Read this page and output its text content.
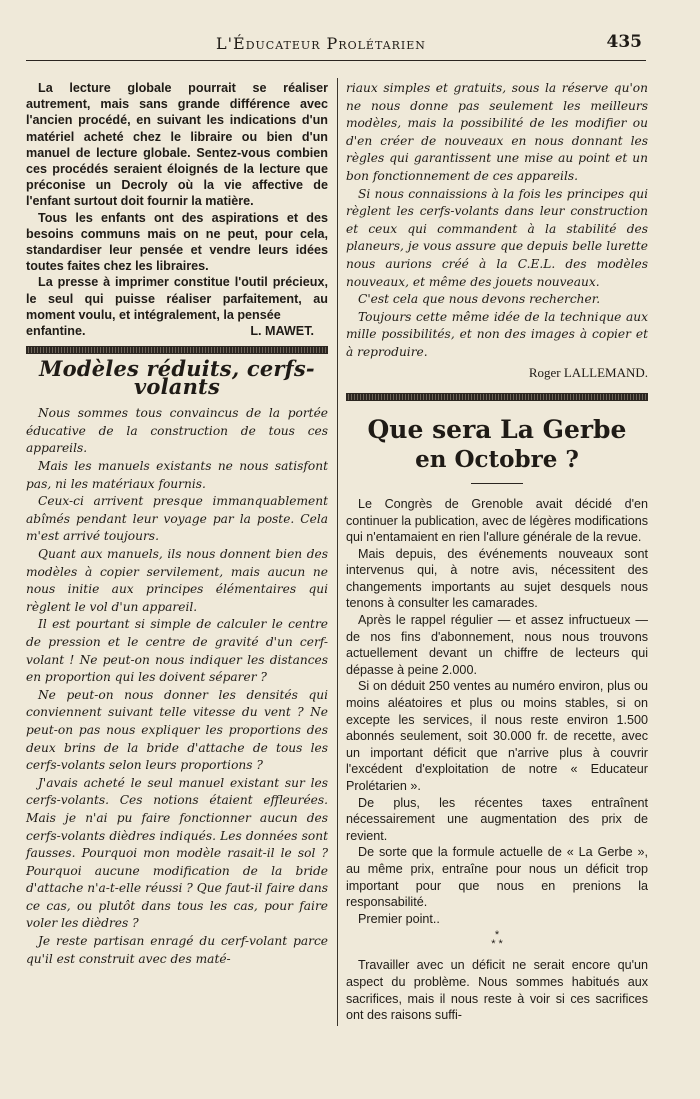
L'Éducateur Prolétarien	435

La lecture globale pourrait se réaliser autrement, mais sans grande différence avec l'ancien procédé, en suivant les indications d'un matériel acheté chez le libraire ou bien d'un manuel de lecture globale. Sentez-vous combien ces procédés seraient éloignés de la lecture que préconise un Decroly où la vie affective de l'enfant surtout doit fournir la matière.

Tous les enfants ont des aspirations et des besoins communs mais on ne peut, pour cela, standardiser leur pensée et vendre leurs idées toutes faites chez les libraires.

La presse à imprimer constitue l'outil précieux, le seul qui puisse réaliser parfaitement, au moment voulu, et intégralement, la pensée

enfantine.	L. MAWET.
Modèles réduits, cerfs-volants

Nous sommes tous convaincus de la portée éducative de la construction de tous ces appareils.

Mais les manuels existants ne nous satisfont pas, ni les matériaux fournis.

Ceux-ci arrivent presque immanquablement abîmés pendant leur voyage par la poste. Cela m'est arrivé toujours.

Quant aux manuels, ils nous donnent bien des modèles à copier servilement, mais aucun ne nous initie aux principes élémentaires qui règlent le vol d'un appareil.

Il est pourtant si simple de calculer le centre de pression et le centre de gravité d'un cerf-volant ! Ne peut-on nous indiquer les distances en proportion qui les doivent séparer ?

Ne peut-on nous donner les densités qui conviennent suivant telle vitesse du vent ? Ne peut-on pas nous expliquer les proportions des deux brins de la bride d'attache de tous les cerfs-volants selon leurs proportions ?

J'avais acheté le seul manuel existant sur les cerfs-volants. Ces notions étaient effleurées. Mais je n'ai pu faire fonctionner aucun des cerfs-volants dièdres indiqués. Les données sont fausses. Pourquoi mon modèle rasait-il le sol ? Pourquoi aucune modification de la bride d'attache n'a-t-elle réussi ? Que faut-il faire dans ce cas, ou plutôt dans tous les cas, pour faire voler les dièdres ?

Je reste partisan enragé du cerf-volant parce qu'il est construit avec des maté-

riaux simples et gratuits, sous la réserve qu'on ne nous donne pas seulement les meilleurs modèles, mais la possibilité de les modifier ou d'en créer de nouveaux en nous donnant les règles qui garantissent une mise au point et un bon fonctionnement de ces appareils.

Si nous connaissions à la fois les principes qui règlent les cerfs-volants dans leur construction et ceux qui commandent à la stabilité des planeurs, je vous assure que depuis belle lurette nous aurions créé à la C.E.L. des modèles nouveaux, et même des jouets nouveaux.

C'est cela que nous devons rechercher.

Toujours cette même idée de la technique aux mille possibilités, et non des images à copier et à reproduire.

Roger LALLEMAND.
Que sera La Gerbe
en Octobre ?

Le Congrès de Grenoble avait décidé d'en continuer la publication, avec de légères modifications qui n'entamaient en rien l'allure générale de la revue.

Mais depuis, des événements nouveaux sont intervenus qui, à notre avis, nécessitent des changements importants au sujet desquels nous tenons à consulter les camarades.

Après le rappel régulier — et assez infructueux — de nos fins d'abonnement, nous nous trouvons actuellement devant un chiffre de lecteurs qui dépasse à peine 2.000.

Si on déduit 250 ventes au numéro environ, plus ou moins aléatoires et plus ou moins stables, si on excepte les services, il nous reste environ 1.500 abonnés seulement, soit 30.000 fr. de recette, avec un important déficit que n'arrive plus à couvrir l'excédent d'exploitation de notre « Educateur Prolétarien ».

De plus, les récentes taxes entraînent nécessairement une augmentation des prix de revient.

De sorte que la formule actuelle de « La Gerbe », au même prix, entraîne pour nous un déficit trop important pour que nous en prenions la responsabilité.

Premier point..

*
* *

Travailler avec un déficit ne serait encore qu'un aspect du problème. Nous sommes habitués aux sacrifices, mais il nous reste à voir si ces sacrifices ont des raisons suffi-
